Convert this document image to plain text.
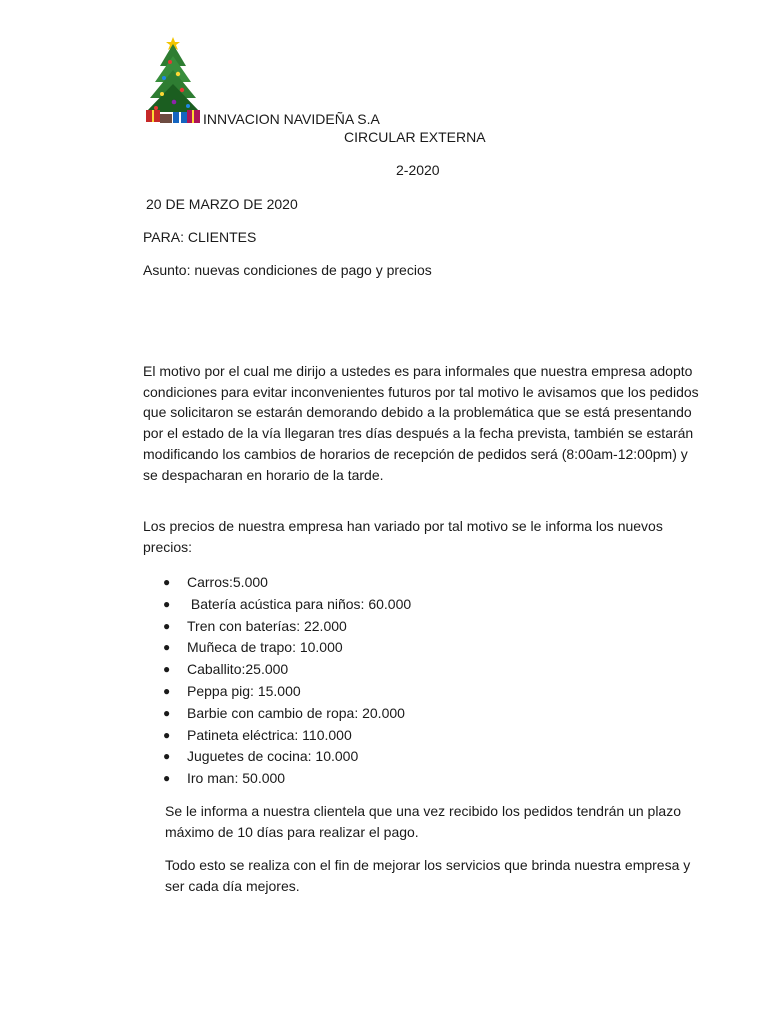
INNVACION NAVIDEÑA S.A
CIRCULAR EXTERNA
2-2020
20 DE MARZO DE 2020
PARA: CLIENTES
Asunto: nuevas condiciones de pago y precios
El motivo por el cual me dirijo a ustedes es para informales que nuestra empresa adopto condiciones para evitar inconvenientes futuros por tal motivo le avisamos que los pedidos que solicitaron se estarán demorando debido a la problemática que se está presentando por el estado de la vía llegaran tres días después a la fecha prevista, también se estarán modificando los cambios de horarios de recepción de pedidos será (8:00am-12:00pm) y se despacharan en horario de la tarde.
Los precios de nuestra empresa han variado por tal motivo se le informa los nuevos precios:
● Carros:5.000
● Batería acústica para niños: 60.000
● Tren con baterías: 22.000
● Muñeca de trapo: 10.000
● Caballito:25.000
● Peppa pig: 15.000
● Barbie con cambio de ropa: 20.000
● Patineta eléctrica: 110.000
● Juguetes de cocina: 10.000
● Iro man: 50.000
Se le informa a nuestra clientela que una vez recibido los pedidos tendrán un plazo máximo de 10 días para realizar el pago.
Todo esto se realiza con el fin de mejorar los servicios que brinda nuestra empresa y ser cada día mejores.
